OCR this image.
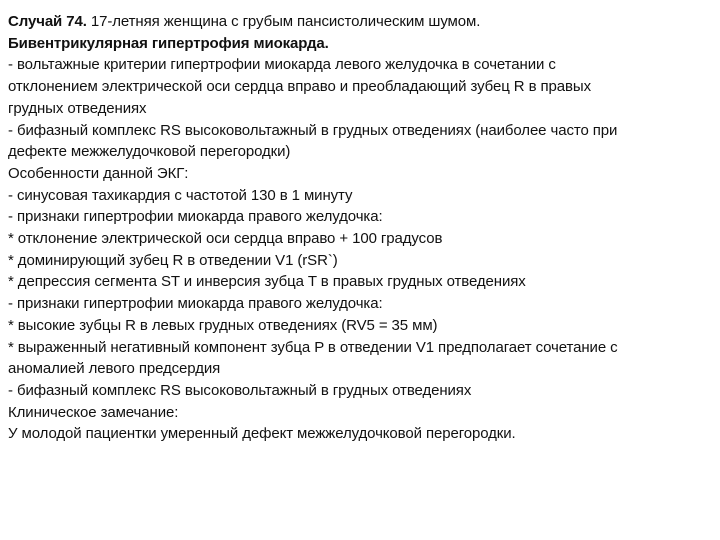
Случай 74. 17-летняя женщина с грубым пансистолическим шумом.
Бивентрикулярная гипертрофия миокарда.
- вольтажные критерии гипертрофии миокарда левого желудочка в сочетании с
отклонением электрической оси сердца вправо и преобладающий зубец R в правых
грудных отведениях
- бифазный комплекс RS высоковольтажный в грудных отведениях (наиболее часто при
дефекте межжелудочковой перегородки)
Особенности данной ЭКГ:
- синусовая тахикардия с частотой 130 в 1 минуту
- признаки гипертрофии миокарда правого желудочка:
* отклонение электрической оси сердца вправо + 100 градусов
* доминирующий зубец R в отведении V1 (rSR`)
* депрессия сегмента ST и инверсия зубца T в правых грудных отведениях
- признаки гипертрофии миокарда правого желудочка:
* высокие зубцы R в левых грудных отведениях (RV5 = 35 мм)
* выраженный негативный компонент зубца P в отведении V1 предполагает сочетание с
аномалией левого предсердия
- бифазный комплекс RS высоковольтажный в грудных отведениях
Клиническое замечание:
У молодой пациентки умеренный дефект межжелудочковой перегородки.
